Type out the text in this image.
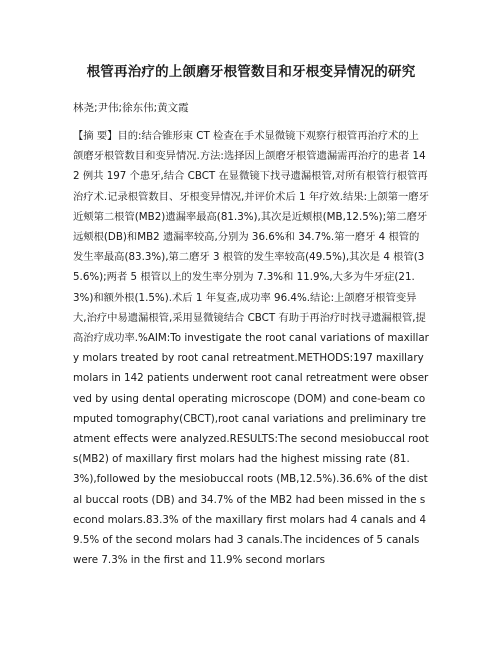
根管再治疗的上颌磨牙根管数目和牙根变异情况的研究
林尧;尹伟;徐东伟;黄文霞

【摘 要】目的:结合锥形束 CT 检查在手术显微镜下观察行根管再治疗术的上颌磨牙根管数目和变异情况.方法:选择因上颌磨牙根管遗漏需再治疗的患者 142 例共 197 个患牙,结合 CBCT 在显微镜下找寻遗漏根管,对所有根管行根管再治疗术.记录根管数目、牙根变异情况,并评价术后 1 年疗效.结果:上颌第一磨牙近颊第二根管(MB2)遗漏率最高(81.3%),其次是近颊根(MB,12.5%);第二磨牙远颊根(DB)和MB2 遗漏率较高,分别为 36.6%和 34.7%.第一磨牙 4 根管的发生率最高(83.3%),第二磨牙 3 根管的发生率较高(49.5%),其次是 4 根管(35.6%);两者 5 根管以上的发生率分别为 7.3%和 11.9%,大多为牛牙症(21.3%)和额外根(1.5%).术后 1 年复查,成功率 96.4%.结论:上颌磨牙根管变异大,治疗中易遗漏根管,采用显微镜结合 CBCT 有助于再治疗时找寻遗漏根管,提高治疗成功率.%AIM:To investigate the root canal variations of maxillary molars treated by root canal retreatment.METHODS:197 maxillary molars in 142 patients underwent root canal retreatment were observed by using dental operating microscope (DOM) and cone-beam computed tomography(CBCT),root canal variations and preliminary treatment effects were analyzed.RESULTS:The second mesiobuccal roots(MB2) of maxillary first molars had the highest missing rate (81.3%),followed by the mesiobuccal roots (MB,12.5%).36.6% of the distal buccal roots (DB) and 34.7% of the MB2 had been missed in the second molars.83.3% of the maxillary first molars had 4 canals and 49.5% of the second molars had 3 canals.The incidences of 5 canals were 7.3% in the first and 11.9% second morlars
